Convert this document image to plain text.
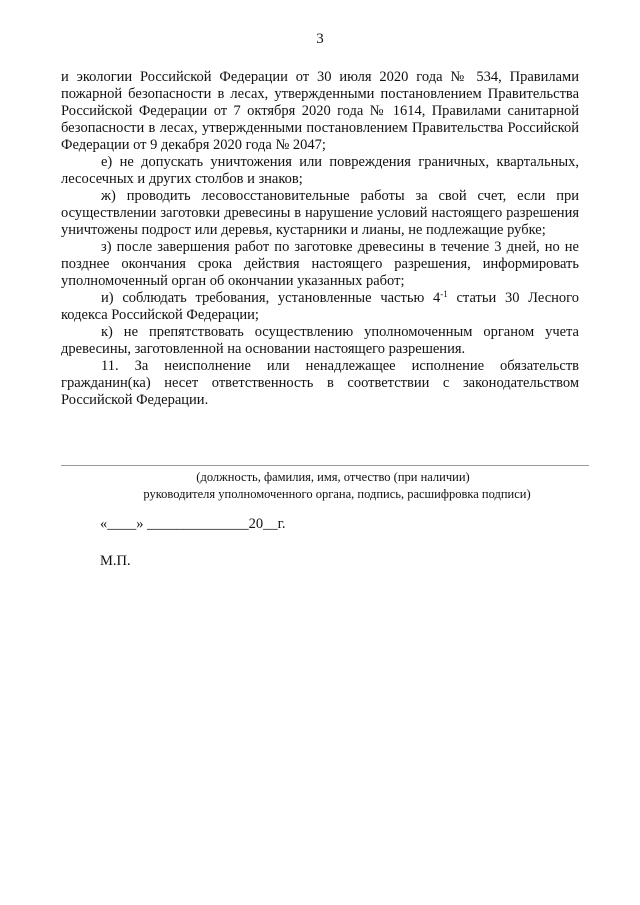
3

и экологии Российской Федерации от 30 июля 2020 года № 534, Правилами пожарной безопасности в лесах, утвержденными постановлением Правительства Российской Федерации от 7 октября 2020 года № 1614, Правилами санитарной безопасности в лесах, утвержденными постановлением Правительства Российской Федерации от 9 декабря 2020 года № 2047;

е) не допускать уничтожения или повреждения граничных, квартальных, лесосечных и других столбов и знаков;

ж) проводить лесовосстановительные работы за свой счет, если при осуществлении заготовки древесины в нарушение условий настоящего разрешения уничтожены подрост или деревья, кустарники и лианы, не подлежащие рубке;

з) после завершения работ по заготовке древесины в течение 3 дней, но не позднее окончания срока действия настоящего разрешения, информировать уполномоченный орган об окончании указанных работ;

и) соблюдать требования, установленные частью $4^{-1}$ статьи 30 Лесного кодекса Российской Федерации;

к) не препятствовать осуществлению уполномоченным органом учета древесины, заготовленной на основании настоящего разрешения.

11. За неисполнение или ненадлежащее исполнение обязательств гражданин(ка) несет ответственность в соответствии с законодательством Российской Федерации.

(должность, фамилия, имя, отчество (при наличии)
руководителя уполномоченного органа, подпись, расшифровка подписи)
«____» ______________20__г.
М.П.
